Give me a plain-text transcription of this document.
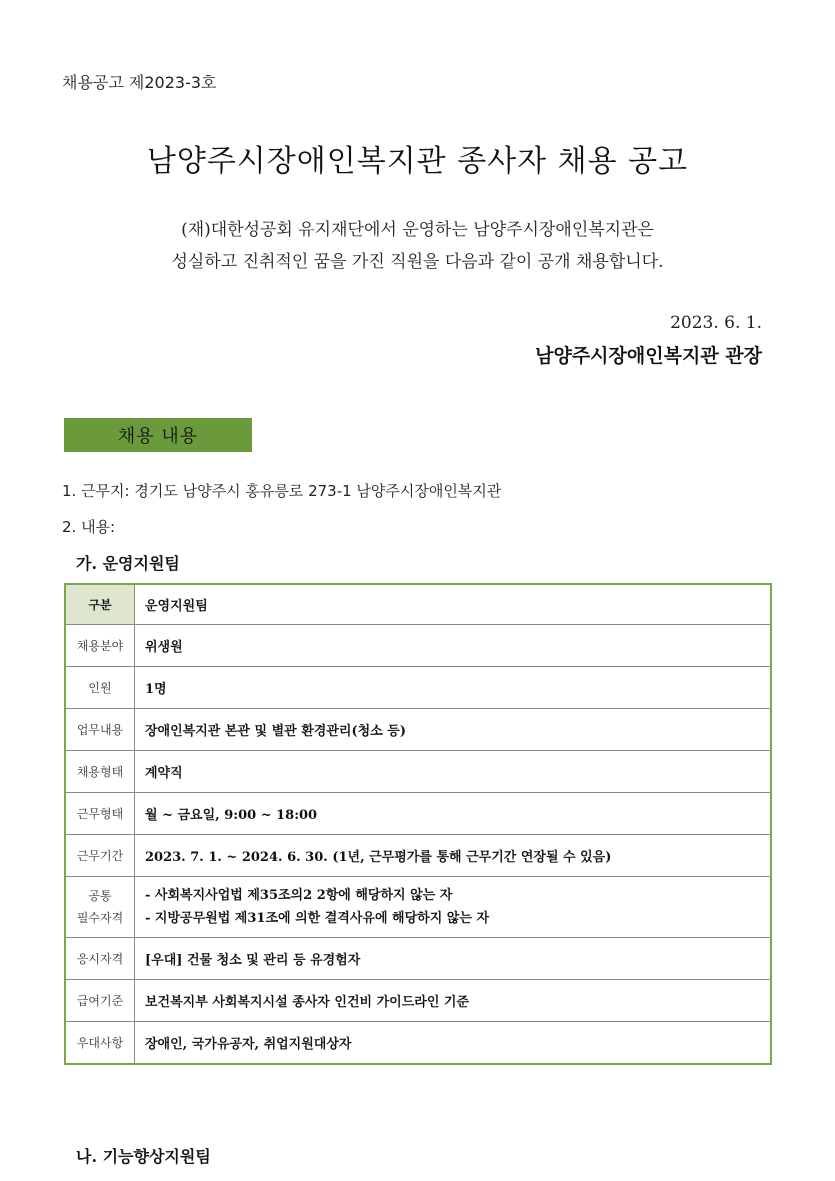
채용공고 제2023-3호
남양주시장애인복지관 종사자 채용 공고
(재)대한성공회 유지재단에서 운영하는 남양주시장애인복지관은
성실하고 진취적인 꿈을 가진 직원을 다음과 같이 공개 채용합니다.
2023. 6. 1.
남양주시장애인복지관 관장
채용 내용
1. 근무지: 경기도 남양주시 홍유릉로 273-1 남양주시장애인복지관
2. 내용:
가. 운영지원팀
구분	운영지원팀
채용분야	위생원
인원	1명
업무내용	장애인복지관 본관 및 별관 환경관리(청소 등)
채용형태	계약직
근무형태	월 ~ 금요일, 9:00 ~ 18:00
근무기간	2023. 7. 1. ~ 2024. 6. 30. (1년, 근무평가를 통해 근무기간 연장될 수 있음)

공통
필수자격	- 사회복지사업법 제35조의2 2항에 해당하지 않는 자
- 지방공무원법 제31조에 의한 결격사유에 해당하지 않는 자

응시자격	[우대] 건물 청소 및 관리 등 유경험자
급여기준	보건복지부 사회복지시설 종사자 인건비 가이드라인 기준
우대사항	장애인, 국가유공자, 취업지원대상자
나. 기능향상지원팀
